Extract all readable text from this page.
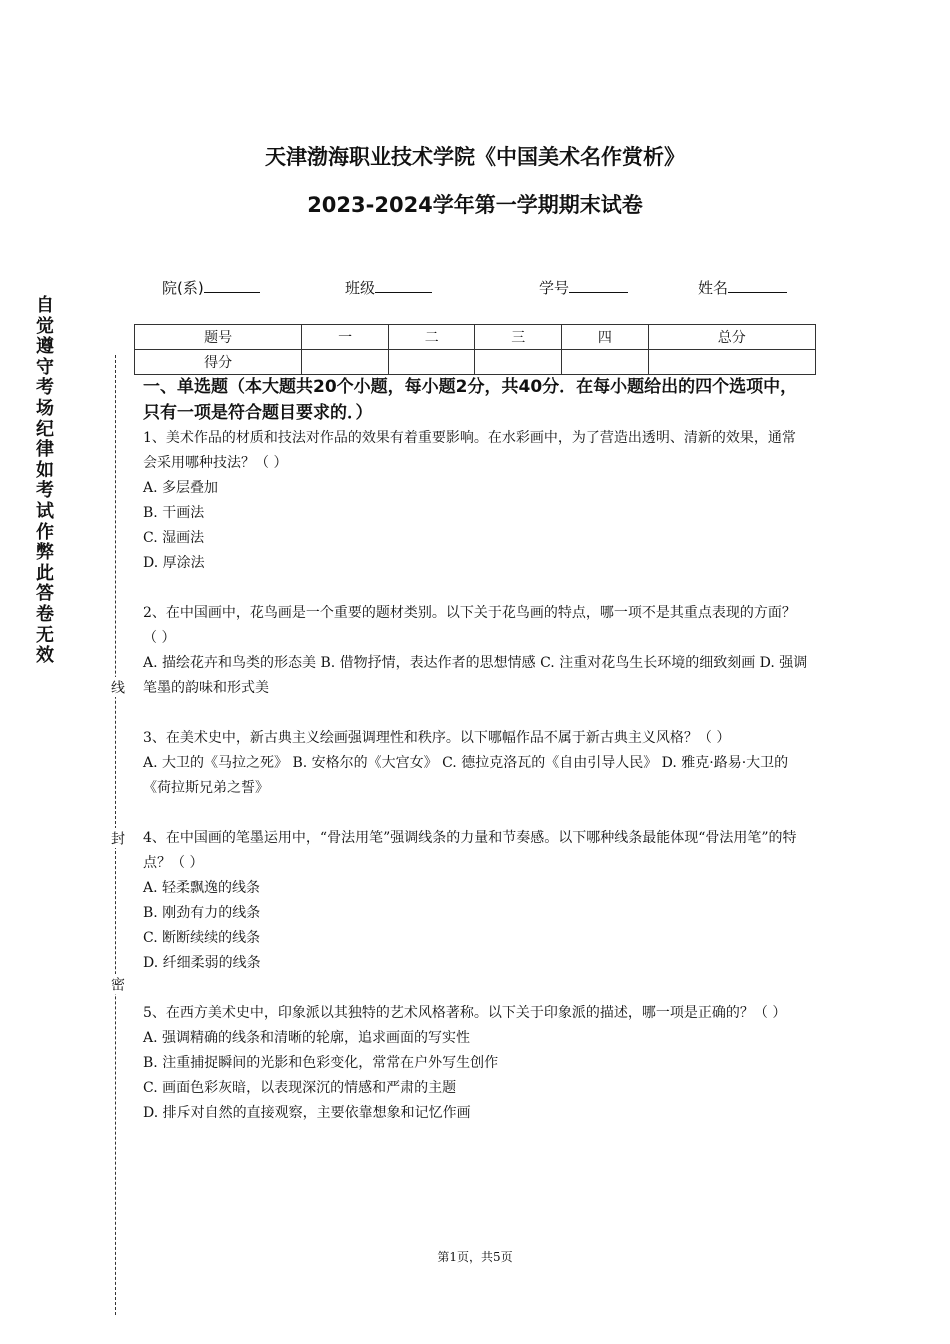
天津渤海职业技术学院《中国美术名作赏析》
2023-2024学年第一学期期末试卷
院(系)	班级	学号	姓名
自
觉
遵
守
考
场
纪
律
如
考
试
作
弊
此
答
卷
无
效
线
封
密
题号	一	二	三	四	总分
得分					

一、单选题（本大题共20个小题，每小题2分，共40分．在每小题给出的四个选项中，只有一项是符合题目要求的．）

1、美术作品的材质和技法对作品的效果有着重要影响。在水彩画中，为了营造出透明、清新的效果，通常会采用哪种技法？（ ）

A. 多层叠加

B. 干画法

C. 湿画法

D. 厚涂法

2、在中国画中，花鸟画是一个重要的题材类别。以下关于花鸟画的特点，哪一项不是其重点表现的方面？（ ）

A. 描绘花卉和鸟类的形态美 B. 借物抒情，表达作者的思想情感 C. 注重对花鸟生长环境的细致刻画 D. 强调笔墨的韵味和形式美

3、在美术史中，新古典主义绘画强调理性和秩序。以下哪幅作品不属于新古典主义风格？（ ）

A. 大卫的《马拉之死》 B. 安格尔的《大宫女》 C. 德拉克洛瓦的《自由引导人民》 D. 雅克·路易·大卫的《荷拉斯兄弟之誓》

4、在中国画的笔墨运用中，“骨法用笔”强调线条的力量和节奏感。以下哪种线条最能体现“骨法用笔”的特点？（ ）

A. 轻柔飘逸的线条

B. 刚劲有力的线条

C. 断断续续的线条

D. 纤细柔弱的线条

5、在西方美术史中，印象派以其独特的艺术风格著称。以下关于印象派的描述，哪一项是正确的？（ ）

A. 强调精确的线条和清晰的轮廓，追求画面的写实性

B. 注重捕捉瞬间的光影和色彩变化，常常在户外写生创作

C. 画面色彩灰暗，以表现深沉的情感和严肃的主题

D. 排斥对自然的直接观察，主要依靠想象和记忆作画

第1页，共5页
